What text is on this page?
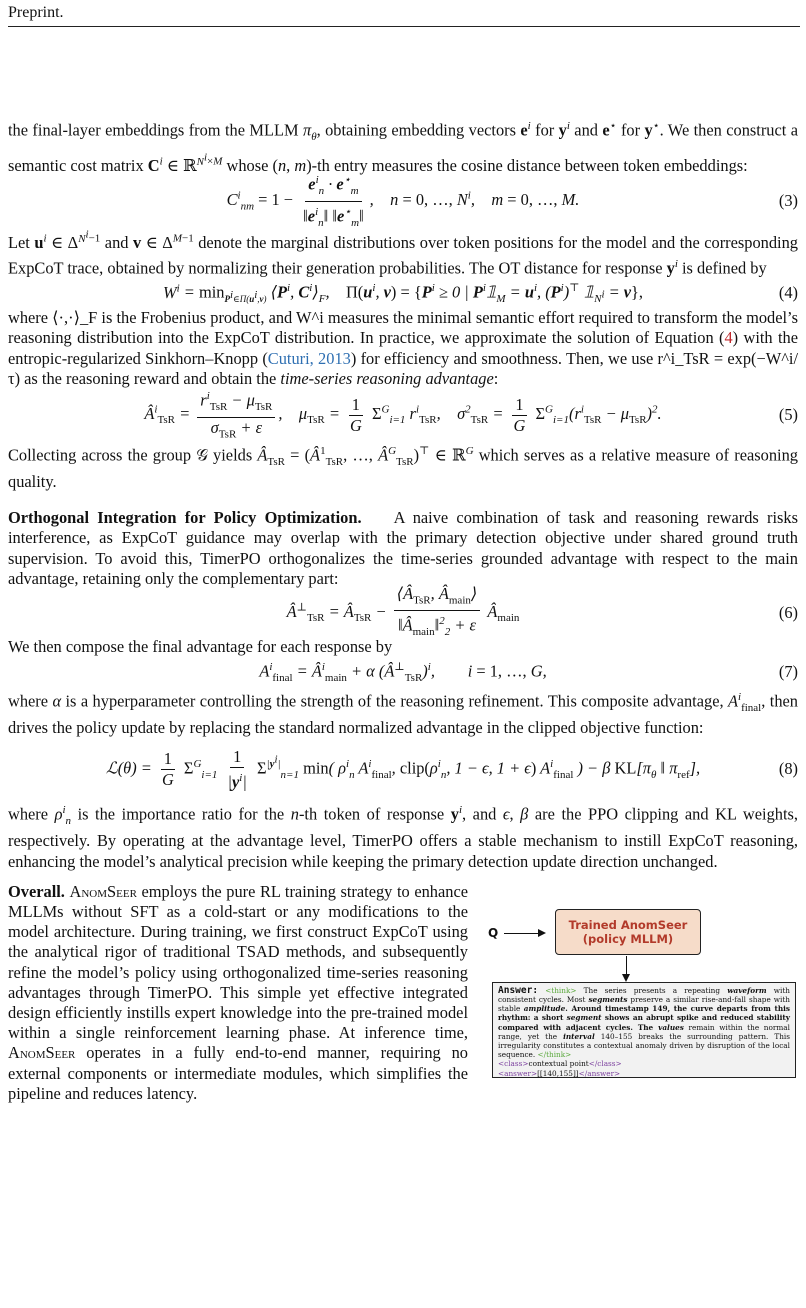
Preprint.

the final-layer embeddings from the MLLM $\pi_\theta$, obtaining embedding vectors $e^i$ for $y^i$ and e⋆ for y⋆. We then construct a semantic cost matrix $C^i$ ∈ ℝ$^{N^i\times M}$ whose (n, m)-th entry measures the cosine distance between token embeddings:

$C^i_{nm} = 1 - \frac{e^i_n \cdot e^⋆_m}{‖e^i_n‖ ‖e^⋆_m‖}$ ,    n = 0, …, $N^i$,    m = 0, …, M.	(3)

Let $u^i$ ∈ $\Delta^{N^i-1}$ and v ∈ $\Delta^{M-1}$ denote the marginal distributions over token positions for the model and the corresponding ExpCoT trace, obtained by normalizing their generation probabilities. The OT distance for response $y^i$ is defined by

$W^i = \min_{P^i\in\Pi(u^i,v)}$ $⟨P^i$, $C^i⟩_F$,    $\Pi(u^i$, $v) = \{P^i \ge 0$ | $P^i𝟙_M = u^i$, $(P^i)^⊤$ $𝟙_{N^i} = v$},	(4)

where ⟨·,·⟩_F is the Frobenius product, and W^i measures the minimal semantic effort required to transform the model’s reasoning distribution into the ExpCoT distribution. In practice, we approximate the solution of Equation (4) with the entropic-regularized Sinkhorn–Knopp (Cuturi, 2013) for efficiency and smoothness. Then, we use r^i_TsR = exp(−W^i/τ) as the reasoning reward and obtain the time-series reasoning advantage:

$Â^i_{TsR} = \frac{r^i_{TsR} - \mu_{TsR}}{\sigma_{TsR} + \varepsilon}$ ,    $\mu_{TsR} = \frac{1}{G} \Sigma^G_{i=1}$ $r^i_{TsR}$,    $\sigma^2_{TsR} = \frac{1}{G} \Sigma^G_{i=1}(r^i_{TsR} - \mu_{TsR})^2$.	(5)

Collecting across the group 𝒢 yields $Â_{TsR}$ = ($Â^1_{TsR}$, …, $Â^G_{TsR})^⊤$ ∈ ℝ$^G$ which serves as a relative measure of reasoning quality.

Orthogonal Integration for Policy Optimization. A naive combination of task and reasoning rewards risks interference, as ExpCoT guidance may overlap with the primary detection objective under shared ground truth supervision. To avoid this, TimerPO orthogonalizes the time-series grounded advantage with respect to the main advantage, retaining only the complementary part:

$Â^\perp_{TsR}$ = $Â_{TsR} - \frac{⟨Â_{TsR}, Â_{main}⟩}{‖Â_{main}‖^2_2 + \varepsilon}$ $Â_{main}$	(6)

We then compose the final advantage for each response by

$A^i_{final}$ = $Â^i_{main} + \alpha$ $(Â^\perp_{TsR})^i$,        i = 1, …, G,	(7)

where α is a hyperparameter controlling the strength of the reasoning refinement. This composite advantage, $A^i_{final}$, then drives the policy update by replacing the standard normalized advantage in the clipped objective function:

ℒ(θ) = $\frac{1}{G} \Sigma^G_{i=1} \frac{1}{|y^i|} \Sigma^{|y^i|}_{n=1}$ min( $\rho^i_n$ $A^i_{final}$, $clip(\rho^i_n$, 1 − ϵ, 1 + ϵ) $A^i_{final}$ ) − β $KL[\pi_\theta$ ‖ $\pi_{ref}$],	(8)

where $\rho^i_n$ is the importance ratio for the n-th token of response $y^i$, and ϵ, β are the PPO clipping and KL weights, respectively. By operating at the advantage level, TimerPO offers a stable mechanism to instill ExpCoT reasoning, enhancing the model’s analytical precision while keeping the primary detection update direction unchanged.

Overall. AnomSeer employs the pure RL training strategy to enhance MLLMs without SFT as a cold-start or any modifications to the model architecture. During training, we first construct ExpCoT using the analytical rigor of traditional TSAD methods, and subsequently refine the model’s policy using orthogonalized time-series reasoning advantages through TimerPO. This simple yet effective integrated design efficiently instills expert knowledge into the pre-trained model within a single reinforcement learning phase. At inference time, AnomSeer operates in a fully end-to-end manner, requiring no external components or intermediate modules, which simplifies the pipeline and reduces latency.

Q
Trained AnomSeer
(policy MLLM)
Answer: <think> The series presents a repeating waveform with consistent cycles. Most segments preserve a similar rise-and-fall shape with stable amplitude. Around timestamp 149, the curve departs from this rhythm: a short segment shows an abrupt spike and reduced stability compared with adjacent cycles. The values remain within the normal range, yet the interval 140–155 breaks the surrounding pattern. This irregularity constitutes a contextual anomaly driven by disruption of the local sequence. </think>
<class>contextual point</class>
<answer>[[140,155]]</answer>
